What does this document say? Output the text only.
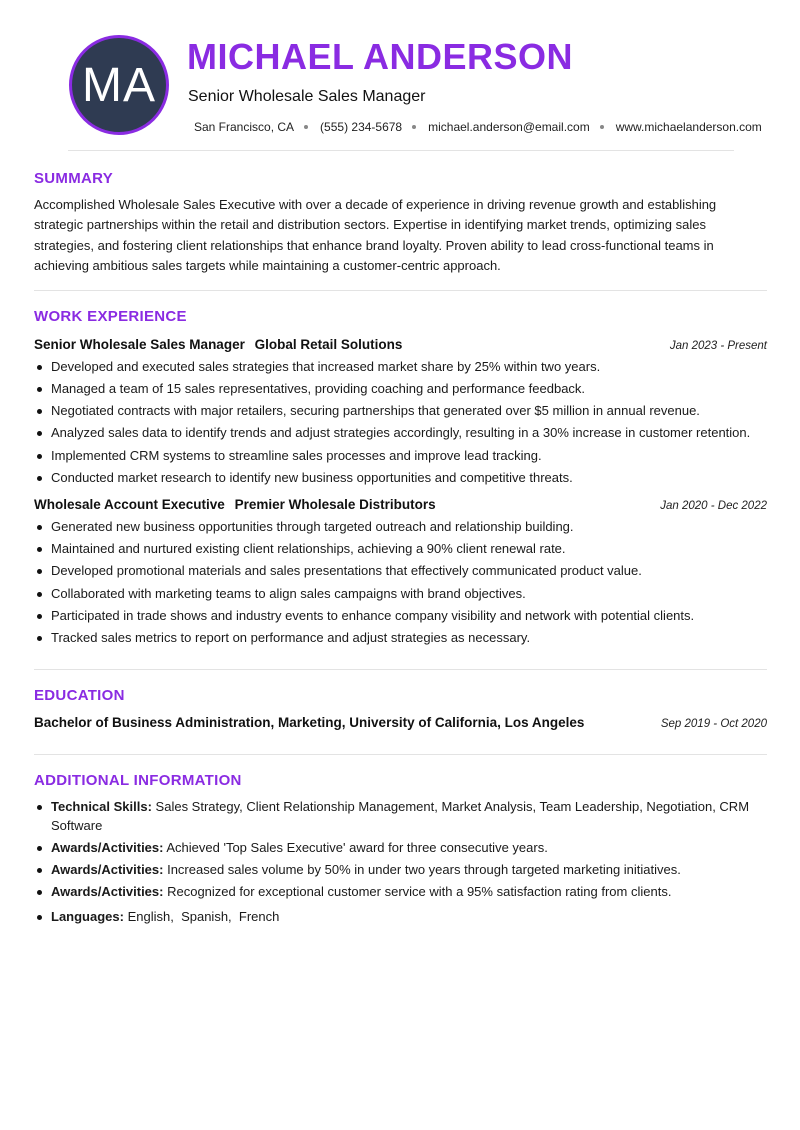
MA
MICHAEL ANDERSON
Senior Wholesale Sales Manager
San Francisco, CA (555) 234-5678 michael.anderson@email.com www.michaelanderson.com
SUMMARY

Accomplished Wholesale Sales Executive with over a decade of experience in driving revenue growth and establishing strategic partnerships within the retail and distribution sectors. Expertise in identifying market trends, optimizing sales strategies, and fostering client relationships that enhance brand loyalty. Proven ability to lead cross-functional teams in achieving ambitious sales targets while maintaining a customer-centric approach.

WORK EXPERIENCE
Senior Wholesale Sales Manager Global Retail Solutions	Jan 2023 - Present
Developed and executed sales strategies that increased market share by 25% within two years.
Managed a team of 15 sales representatives, providing coaching and performance feedback.
Negotiated contracts with major retailers, securing partnerships that generated over $5 million in annual revenue.
Analyzed sales data to identify trends and adjust strategies accordingly, resulting in a 30% increase in customer retention.
Implemented CRM systems to streamline sales processes and improve lead tracking.
Conducted market research to identify new business opportunities and competitive threats.
Wholesale Account Executive Premier Wholesale Distributors	Jan 2020 - Dec 2022
Generated new business opportunities through targeted outreach and relationship building.
Maintained and nurtured existing client relationships, achieving a 90% client renewal rate.
Developed promotional materials and sales presentations that effectively communicated product value.
Collaborated with marketing teams to align sales campaigns with brand objectives.
Participated in trade shows and industry events to enhance company visibility and network with potential clients.
Tracked sales metrics to report on performance and adjust strategies as necessary.
EDUCATION
Bachelor of Business Administration, Marketing, University of California, Los Angeles	Sep 2019 - Oct 2020
ADDITIONAL INFORMATION
Technical Skills: Sales Strategy, Client Relationship Management, Market Analysis, Team Leadership, Negotiation, CRM Software
Awards/Activities: Achieved 'Top Sales Executive' award for three consecutive years.
Awards/Activities: Increased sales volume by 50% in under two years through targeted marketing initiatives.
Awards/Activities: Recognized for exceptional customer service with a 95% satisfaction rating from clients.
Languages: English,  Spanish,  French
